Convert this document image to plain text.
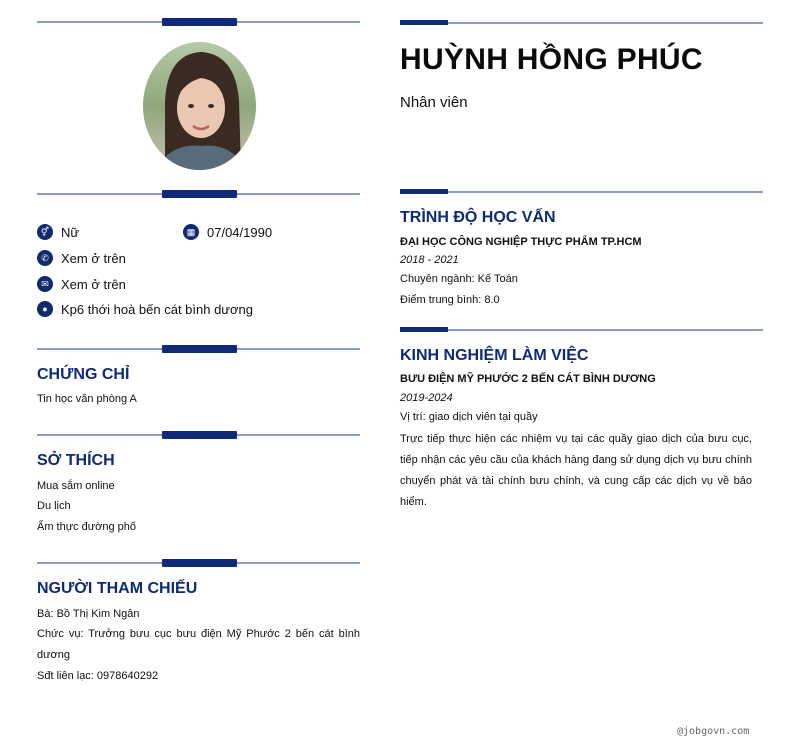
⚥ Nữ	▦ 07/04/1990
✆ Xem ở trên
✉ Xem ở trên
●	Kp6 thới hoà bến cát bình dương
CHỨNG CHỈ
Tin học văn phòng A
SỞ THÍCH
Mua sắm online
Du lịch
Ẩm thực đường phố
NGƯỜI THAM CHIẾU
Bà: Bồ Thị Kim Ngân
Chức vụ: Trưởng bưu cục bưu điện Mỹ Phước 2 bến cát bình dương
Sđt liên lạc: 0978640292
HUỲNH HỒNG PHÚC
Nhân viên
TRÌNH ĐỘ HỌC VẤN
ĐẠI HỌC CÔNG NGHIỆP THỰC PHẨM TP.HCM
2018 - 2021
Chuyên ngành: Kế Toán
Điểm trung bình: 8.0
KINH NGHIỆM LÀM VIỆC
BƯU ĐIỆN MỸ PHƯỚC 2 BẾN CÁT BÌNH DƯƠNG
2019-2024
Vị trí: giao dịch viên tại quầy
Trực tiếp thực hiện các nhiệm vụ tại các quầy giao dịch của bưu cục, tiếp nhận các yêu cầu của khách hàng đang sử dụng dịch vụ bưu chính chuyển phát và tài chính bưu chính, và cung cấp các dịch vụ về bảo hiểm.
@jobgovn.com
